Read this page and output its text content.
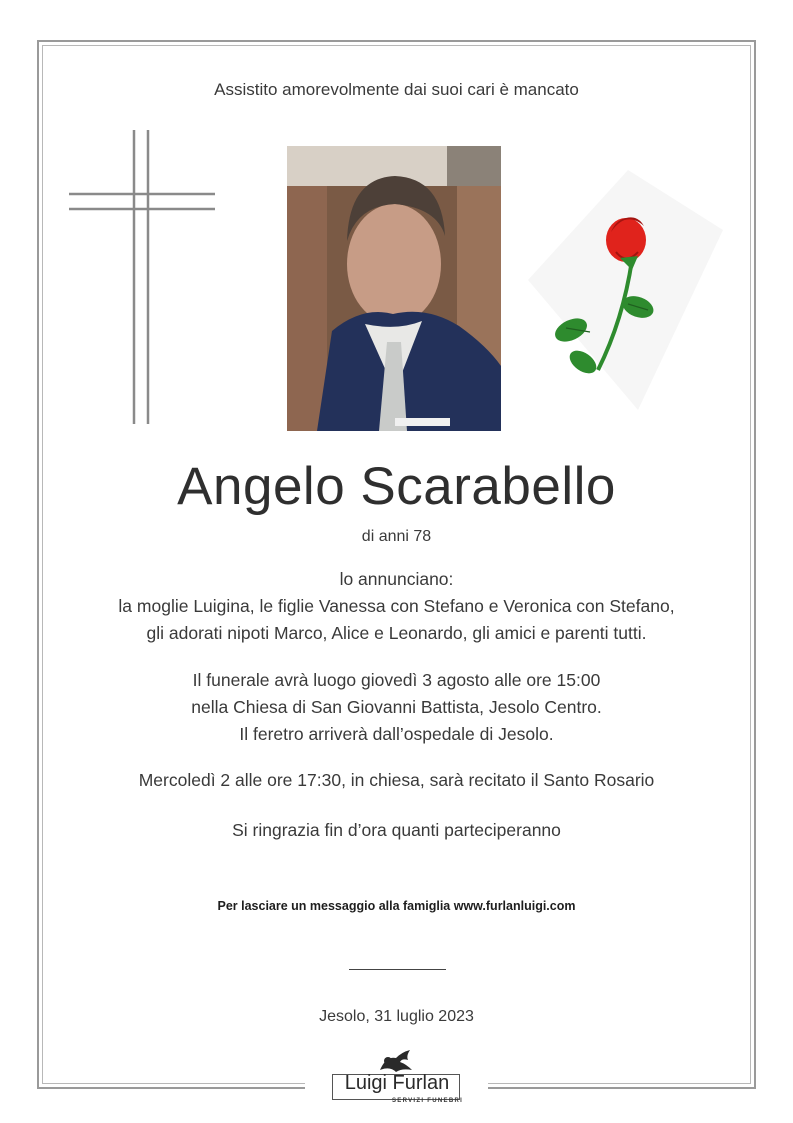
Assistito amorevolmente dai suoi cari è mancato
Angelo Scarabello
di anni 78
lo annunciano:
la moglie Luigina, le figlie Vanessa con Stefano e Veronica con Stefano,
gli adorati nipoti Marco, Alice e Leonardo, gli amici e parenti tutti.
Il funerale avrà luogo giovedì 3 agosto alle ore 15:00
nella Chiesa di San Giovanni Battista, Jesolo Centro.
Il feretro arriverà dall’ospedale di Jesolo.
Mercoledì 2 alle ore 17:30, in chiesa, sarà recitato il Santo Rosario
Si ringrazia fin d’ora quanti parteciperanno
Per lasciare un messaggio alla famiglia www.furlanluigi.com
Jesolo, 31 luglio 2023
Luigi Furlan
SERVIZI FUNEBRI
